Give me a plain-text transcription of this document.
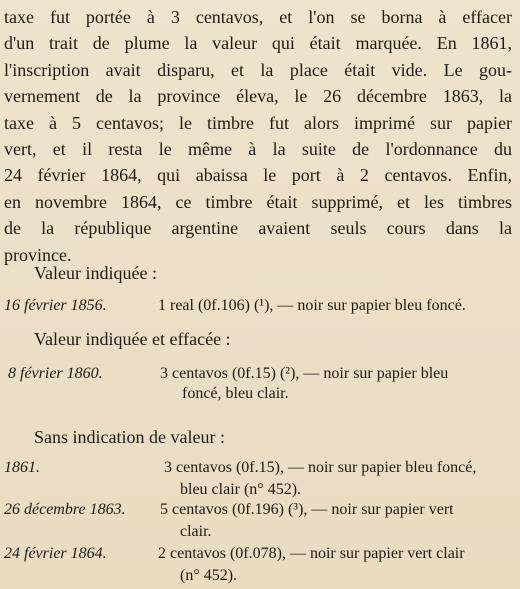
taxe fut portée à 3 centavos, et l'on se borna à effacer
d'un trait de plume la valeur qui était marquée. En 1861,
l'inscription avait disparu, et la place était vide. Le gou-
vernement de la province éleva, le 26 décembre 1863, la
taxe à 5 centavos; le timbre fut alors imprimé sur papier
vert, et il resta le même à la suite de l'ordonnance du
24 février 1864, qui abaissa le port à 2 centavos. Enfin,
en novembre 1864, ce timbre était supprimé, et les timbres
de la république argentine avaient seuls cours dans la
province.
Valeur indiquée :
16 février 1856.	1 real (0f.106) (¹), — noir sur papier bleu foncé.
Valeur indiquée et effacée :
8 février 1860.	3 centavos (0f.15) (²), — noir sur papier bleu
foncé, bleu clair.
Sans indication de valeur :
1861.	3 centavos (0f.15), — noir sur papier bleu foncé,
bleu clair (n° 452).
26 décembre 1863. 5 centavos (0f.196) (³), — noir sur papier vert
clair.
24 février 1864.	2 centavos (0f.078), — noir sur papier vert clair
(n° 452).
